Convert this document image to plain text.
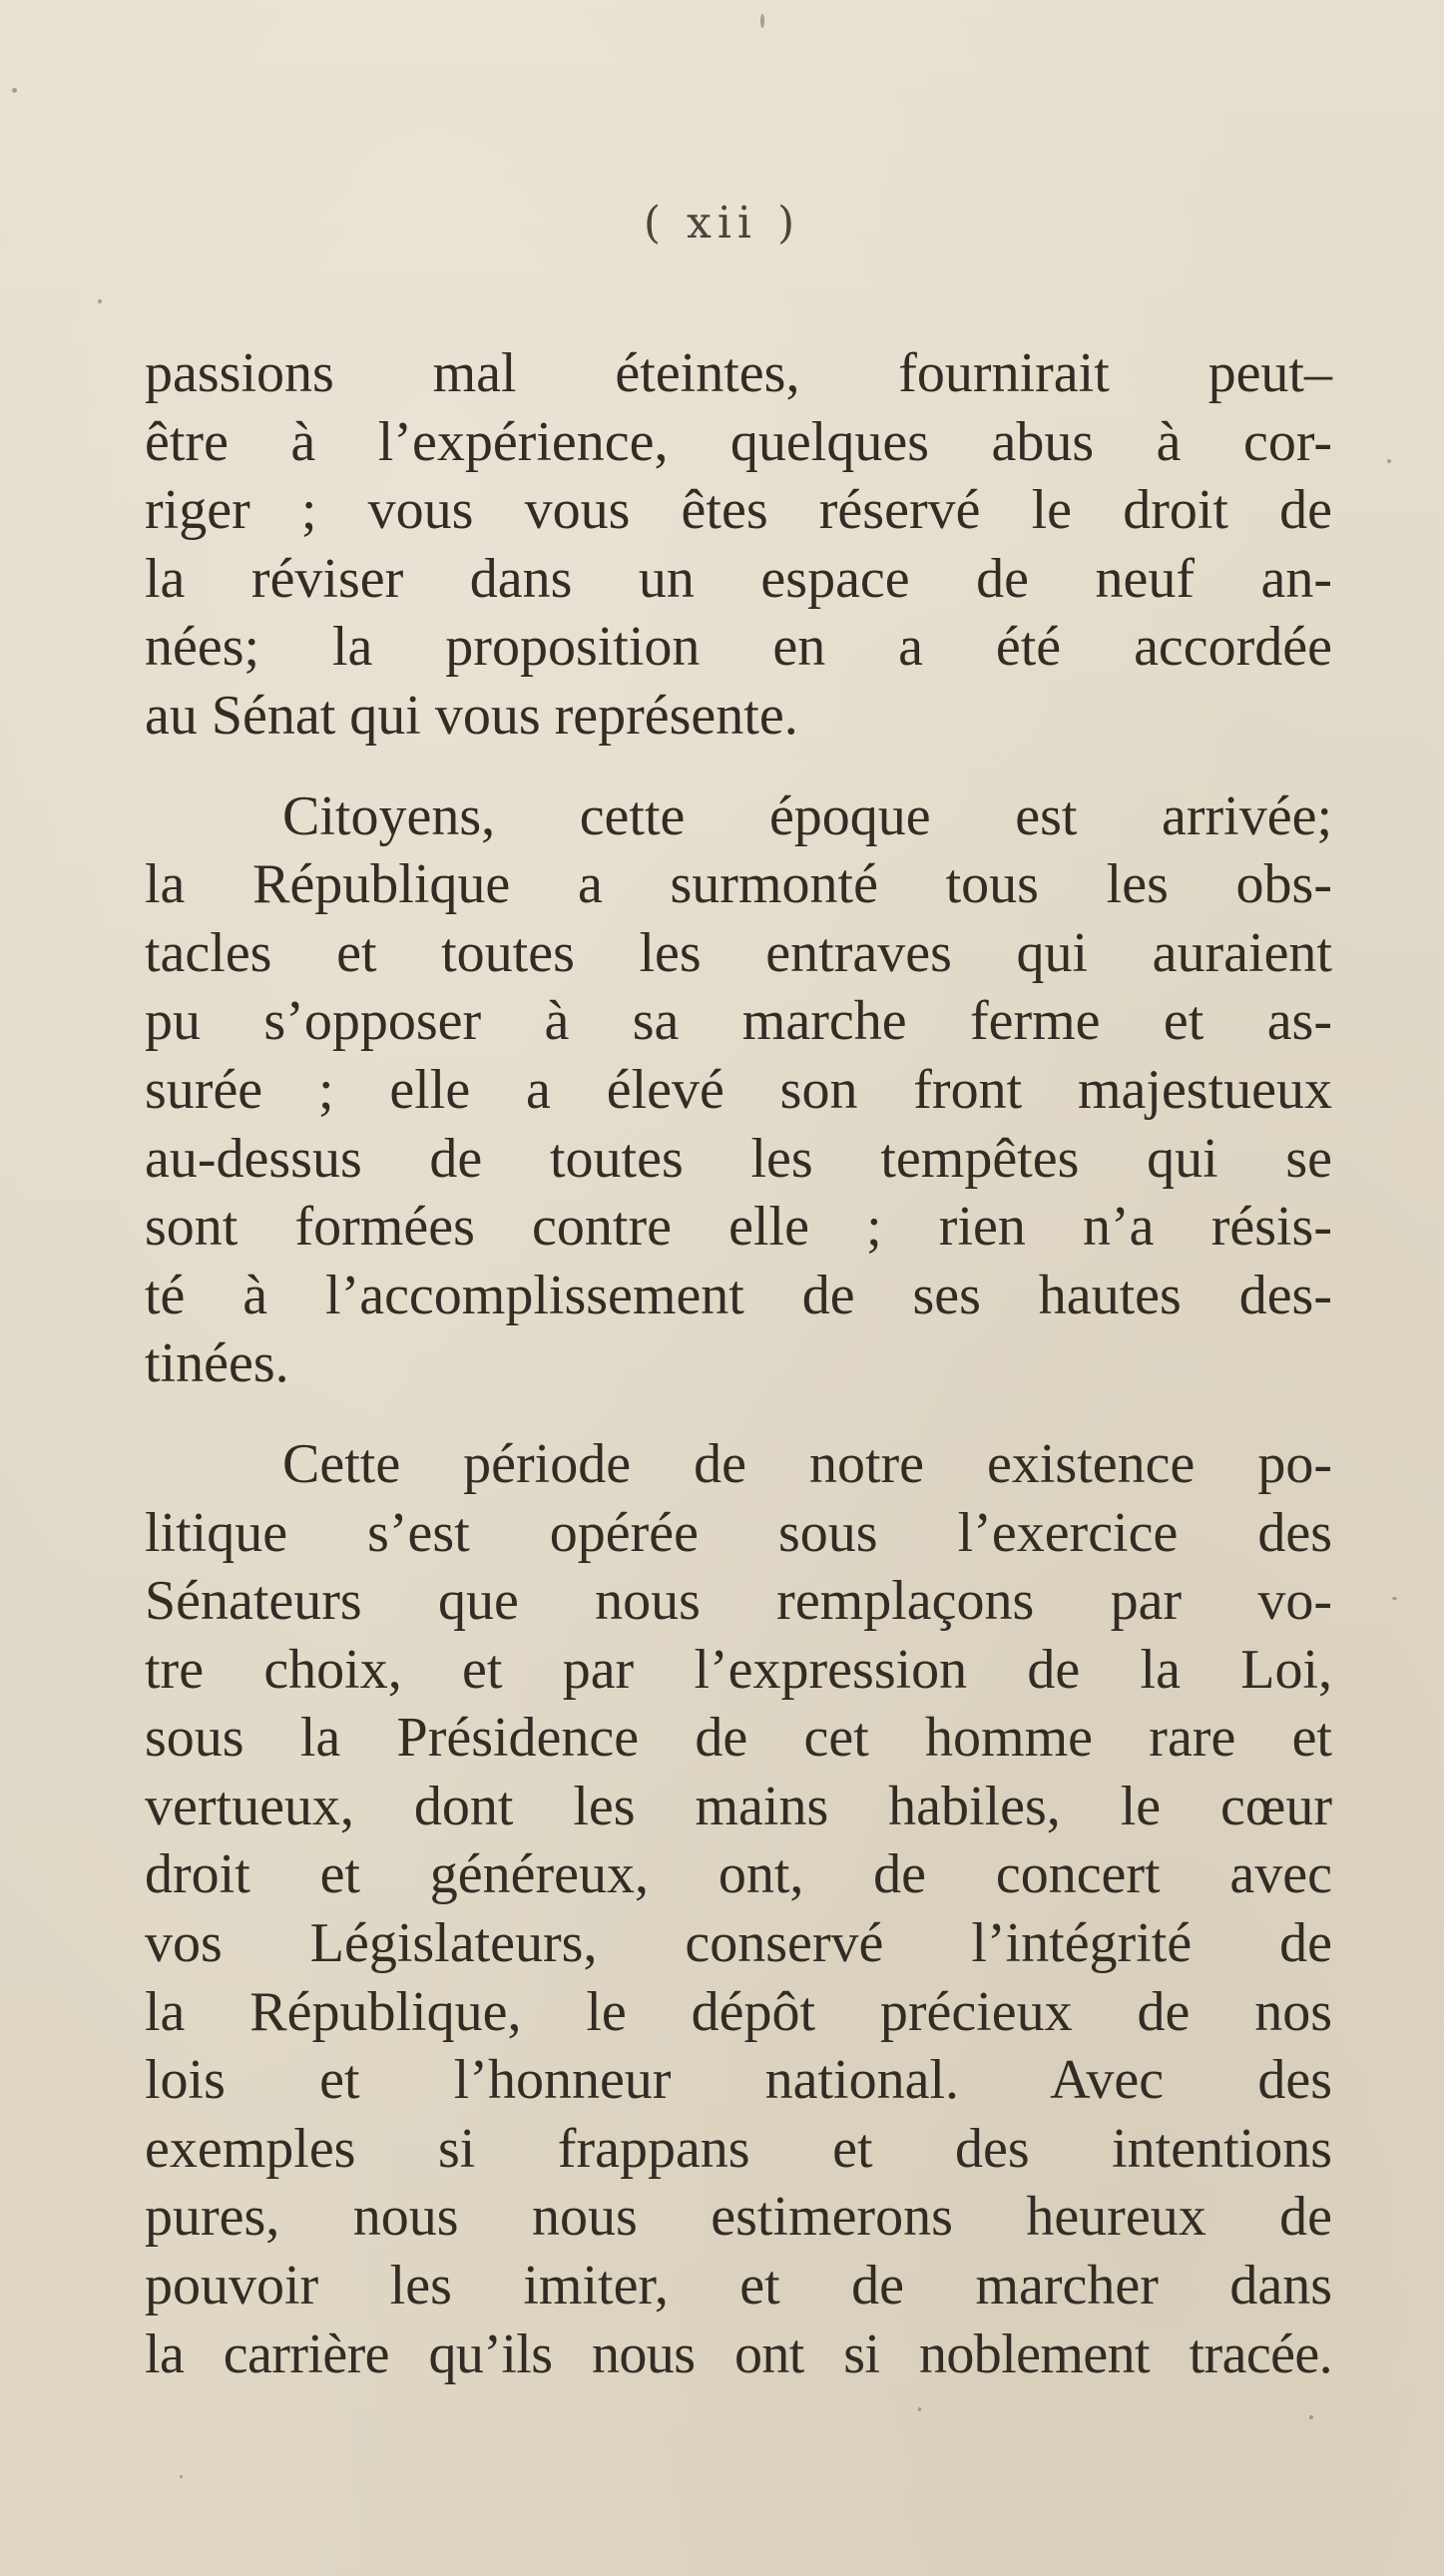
( xii )
passions mal éteintes, fournirait peut–
être à l’expérience, quelques abus à cor-
riger ; vous vous êtes réservé le droit de
la réviser dans un espace de neuf an-
nées; la proposition en a été accordée
au Sénat qui vous représente.
Citoyens, cette époque est arrivée;
la République a surmonté tous les obs-
tacles et toutes les entraves qui auraient
pu s’opposer à sa marche ferme et as-
surée ; elle a élevé son front majestueux
au-dessus de toutes les tempêtes qui se
sont formées contre elle ; rien n’a résis-
té à l’accomplissement de ses hautes des-
tinées.
Cette période de notre existence po-
litique s’est opérée sous l’exercice des
Sénateurs que nous remplaçons par vo-
tre choix, et par l’expression de la Loi,
sous la Présidence de cet homme rare et
vertueux, dont les mains habiles, le cœur
droit et généreux, ont, de concert avec
vos Législateurs, conservé l’intégrité de
la République, le dépôt précieux de nos
lois et l’honneur national. Avec des
exemples si frappans et des intentions
pures, nous nous estimerons heureux de
pouvoir les imiter, et de marcher dans
la carrière qu’ils nous ont si noblement tracée.
